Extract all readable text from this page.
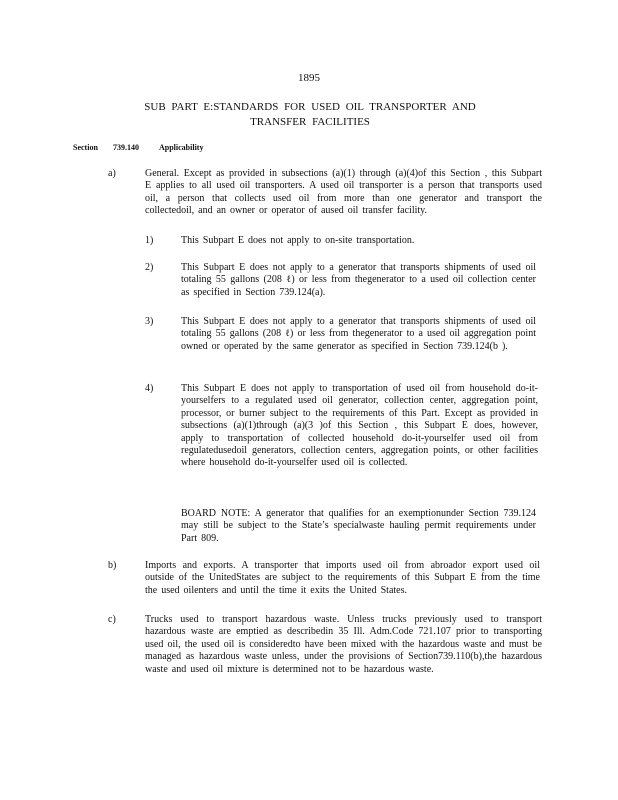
1895
SUB PART E:STANDARDS FOR USED OIL TRANSPORTER AND
TRANSFER FACILITIES
Section 739.140	Applicability
a)	General. Except as provided in subsections (a)(1) through (a)(4)of this Section , this Subpart E applies to all used oil transporters. A used oil transporter is a person that transports used oil, a person that collects used oil from more than one generator and transport the collectedoil, and an owner or operator of aused oil transfer facility.
1)	This Subpart E does not apply to on-site transportation.
2)	This Subpart E does not apply to a generator that transports shipments of used oil totaling 55 gallons (208 ℓ) or less from thegenerator to a used oil collection center as specified in Section 739.124(a).
3)	This Subpart E does not apply to a generator that transports shipments of used oil totaling 55 gallons (208 ℓ) or less from thegenerator to a used oil aggregation point owned or operated by the same generator as specified in Section 739.124(b ).
4)	This Subpart E does not apply to transportation of used oil from household do-it-yourselfers to a regulated used oil generator, collection center, aggregation point, processor, or burner subject to the requirements of this Part. Except as provided in subsections (a)(1)through (a)(3 )of this Section , this Subpart E does, however, apply to transportation of collected household do-it-yourselfer used oil from regulatedusedoil generators, collection centers, aggregation points, or other facilities where household do-it-yourselfer used oil is collected.
BOARD NOTE: A generator that qualifies for an exemptionunder Section 739.124 may still be subject to the State’s specialwaste hauling permit requirements under Part 809.
b)	Imports and exports. A transporter that imports used oil from abroador export used oil outside of the UnitedStates are subject to the requirements of this Subpart E from the time the used oilenters and until the time it exits the United States.
c)	Trucks used to transport hazardous waste. Unless trucks previously used to transport hazardous waste are emptied as describedin 35 Ill. Adm.Code 721.107 prior to transporting used oil, the used oil is consideredto have been mixed with the hazardous waste and must be managed as hazardous waste unless, under the provisions of Section739.110(b),the hazardous waste and used oil mixture is determined not to be hazardous waste.
